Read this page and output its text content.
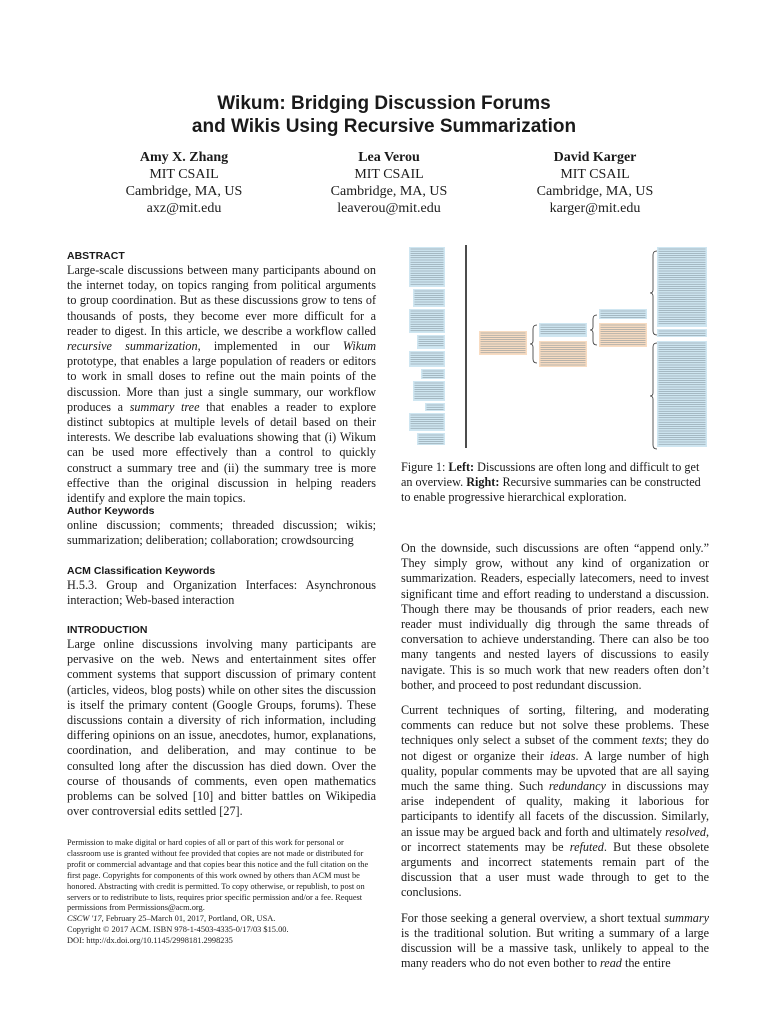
Wikum: Bridging Discussion Forums
and Wikis Using Recursive Summarization
Amy X. Zhang
MIT CSAIL
Cambridge, MA, US
axz@mit.edu
Lea Verou
MIT CSAIL
Cambridge, MA, US
leaverou@mit.edu
David Karger
MIT CSAIL
Cambridge, MA, US
karger@mit.edu
ABSTRACT

Large-scale discussions between many participants abound on the internet today, on topics ranging from political arguments to group coordination. But as these discussions grow to tens of thousands of posts, they become ever more difficult for a reader to digest. In this article, we describe a workflow called recursive summarization, implemented in our Wikum prototype, that enables a large population of readers or editors to work in small doses to refine out the main points of the discussion. More than just a single summary, our workflow produces a summary tree that enables a reader to explore distinct subtopics at multiple levels of detail based on their interests. We describe lab evaluations showing that (i) Wikum can be used more effectively than a control to quickly construct a summary tree and (ii) the summary tree is more effective than the original discussion in helping readers identify and explore the main topics.

Author Keywords

online discussion; comments; threaded discussion; wikis; summarization; deliberation; collaboration; crowdsourcing

ACM Classification Keywords

H.5.3. Group and Organization Interfaces: Asynchronous interaction; Web-based interaction

INTRODUCTION

Large online discussions involving many participants are pervasive on the web. News and entertainment sites offer comment systems that support discussion of primary content (articles, videos, blog posts) while on other sites the discussion is itself the primary content (Google Groups, forums). These discussions contain a diversity of rich information, including differing opinions on an issue, anecdotes, humor, explanations, coordination, and deliberation, and may continue to be consulted long after the discussion has died down. Over the course of thousands of comments, even open mathematics problems can be solved [10] and bitter battles on Wikipedia over controversial edits settled [27].

Permission to make digital or hard copies of all or part of this work for personal or classroom use is granted without fee provided that copies are not made or distributed for profit or commercial advantage and that copies bear this notice and the full citation on the first page. Copyrights for components of this work owned by others than ACM must be honored. Abstracting with credit is permitted. To copy otherwise, or republish, to post on servers or to redistribute to lists, requires prior specific permission and/or a fee. Request permissions from Permissions@acm.org.

CSCW '17, February 25–March 01, 2017, Portland, OR, USA.

Copyright © 2017 ACM. ISBN 978-1-4503-4335-0/17/03 $15.00.

DOI: http://dx.doi.org/10.1145/2998181.2998235

Figure 1: Left: Discussions are often long and difficult to get an overview. Right: Recursive summaries can be constructed to enable progressive hierarchical exploration.

On the downside, such discussions are often “append only.” They simply grow, without any kind of organization or summarization. Readers, especially latecomers, need to invest significant time and effort reading to understand a discussion. Though there may be thousands of prior readers, each new reader must individually dig through the same threads of conversation to achieve understanding. There can also be too many tangents and nested layers of discussions to easily navigate. This is so much work that new readers often don’t bother, and proceed to post redundant discussion.

Current techniques of sorting, filtering, and moderating comments can reduce but not solve these problems. These techniques only select a subset of the comment texts; they do not digest or organize their ideas. A large number of high quality, popular comments may be upvoted that are all saying much the same thing. Such redundancy in discussions may arise independent of quality, making it laborious for participants to identify all facets of the discussion. Similarly, an issue may be argued back and forth and ultimately resolved, or incorrect statements may be refuted. But these obsolete arguments and incorrect statements remain part of the discussion that a user must wade through to get to the conclusions.

For those seeking a general overview, a short textual summary is the traditional solution. But writing a summary of a large discussion will be a massive task, unlikely to appeal to the many readers who do not even bother to read the entire
